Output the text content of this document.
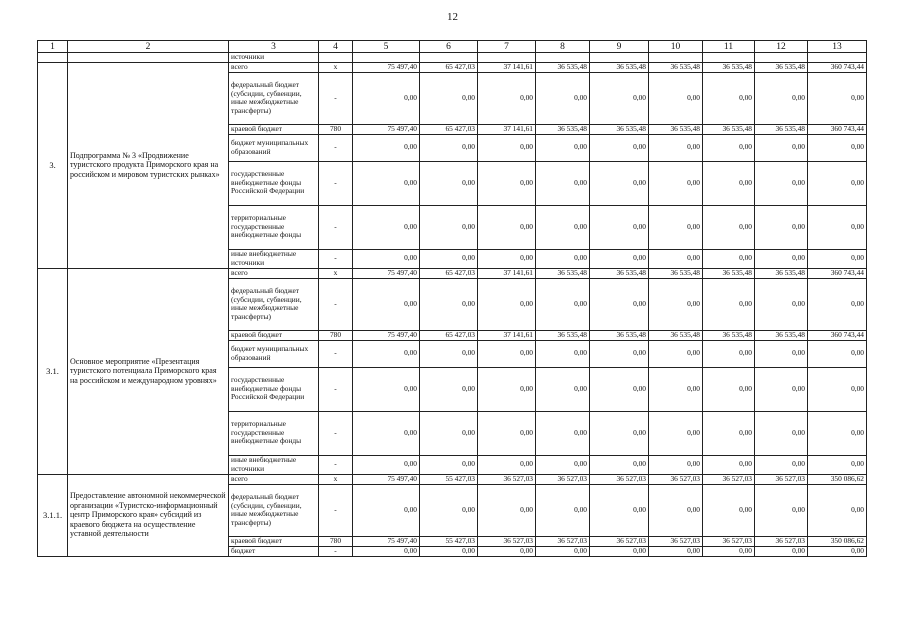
12
1	2	3	4	5	6	7	8	9	10	11	12	13
		источники										
3.	Подпрограмма № 3 «Продвижение туристского продукта Приморского края на российском и мировом туристских рынках»	всего	x	75 497,40	65 427,03	37 141,61	36 535,48	36 535,48	36 535,48	36 535,48	36 535,48	360 743,44
		федеральный бюджет (субсидии, субвенции, иные межбюджетные трансферты)	-	0,00	0,00	0,00	0,00	0,00	0,00	0,00	0,00	0,00
		краевой бюджет	780	75 497,40	65 427,03	37 141,61	36 535,48	36 535,48	36 535,48	36 535,48	36 535,48	360 743,44
		бюджет муниципальных образований	-	0,00	0,00	0,00	0,00	0,00	0,00	0,00	0,00	0,00
		государственные внебюджетные фонды Российской Федерации	-	0,00	0,00	0,00	0,00	0,00	0,00	0,00	0,00	0,00
		территориальные государственные внебюджетные фонды	-	0,00	0,00	0,00	0,00	0,00	0,00	0,00	0,00	0,00
		иные внебюджетные источники	-	0,00	0,00	0,00	0,00	0,00	0,00	0,00	0,00	0,00
3.1.	Основное мероприятие «Презентация туристского потенциала Приморского края на российском и международном уровнях»	всего	x	75 497,40	65 427,03	37 141,61	36 535,48	36 535,48	36 535,48	36 535,48	36 535,48	360 743,44
		федеральный бюджет (субсидии, субвенции, иные межбюджетные трансферты)	-	0,00	0,00	0,00	0,00	0,00	0,00	0,00	0,00	0,00
		краевой бюджет	780	75 497,40	65 427,03	37 141,61	36 535,48	36 535,48	36 535,48	36 535,48	36 535,48	360 743,44
		бюджет муниципальных образований	-	0,00	0,00	0,00	0,00	0,00	0,00	0,00	0,00	0,00
		государственные внебюджетные фонды Российской Федерации	-	0,00	0,00	0,00	0,00	0,00	0,00	0,00	0,00	0,00
		территориальные государственные внебюджетные фонды	-	0,00	0,00	0,00	0,00	0,00	0,00	0,00	0,00	0,00
		иные внебюджетные источники	-	0,00	0,00	0,00	0,00	0,00	0,00	0,00	0,00	0,00
3.1.1.	Предоставление автономной некоммерческой организации «Туристско-информационный центр Приморского края» субсидий из краевого бюджета на осуществление уставной деятельности	всего	x	75 497,40	55 427,03	36 527,03	36 527,03	36 527,03	36 527,03	36 527,03	36 527,03	350 086,62
		федеральный бюджет (субсидии, субвенции, иные межбюджетные трансферты)	-	0,00	0,00	0,00	0,00	0,00	0,00	0,00	0,00	0,00
		краевой бюджет	780	75 497,40	55 427,03	36 527,03	36 527,03	36 527,03	36 527,03	36 527,03	36 527,03	350 086,62
		бюджет	-	0,00	0,00	0,00	0,00	0,00	0,00	0,00	0,00	0,00
